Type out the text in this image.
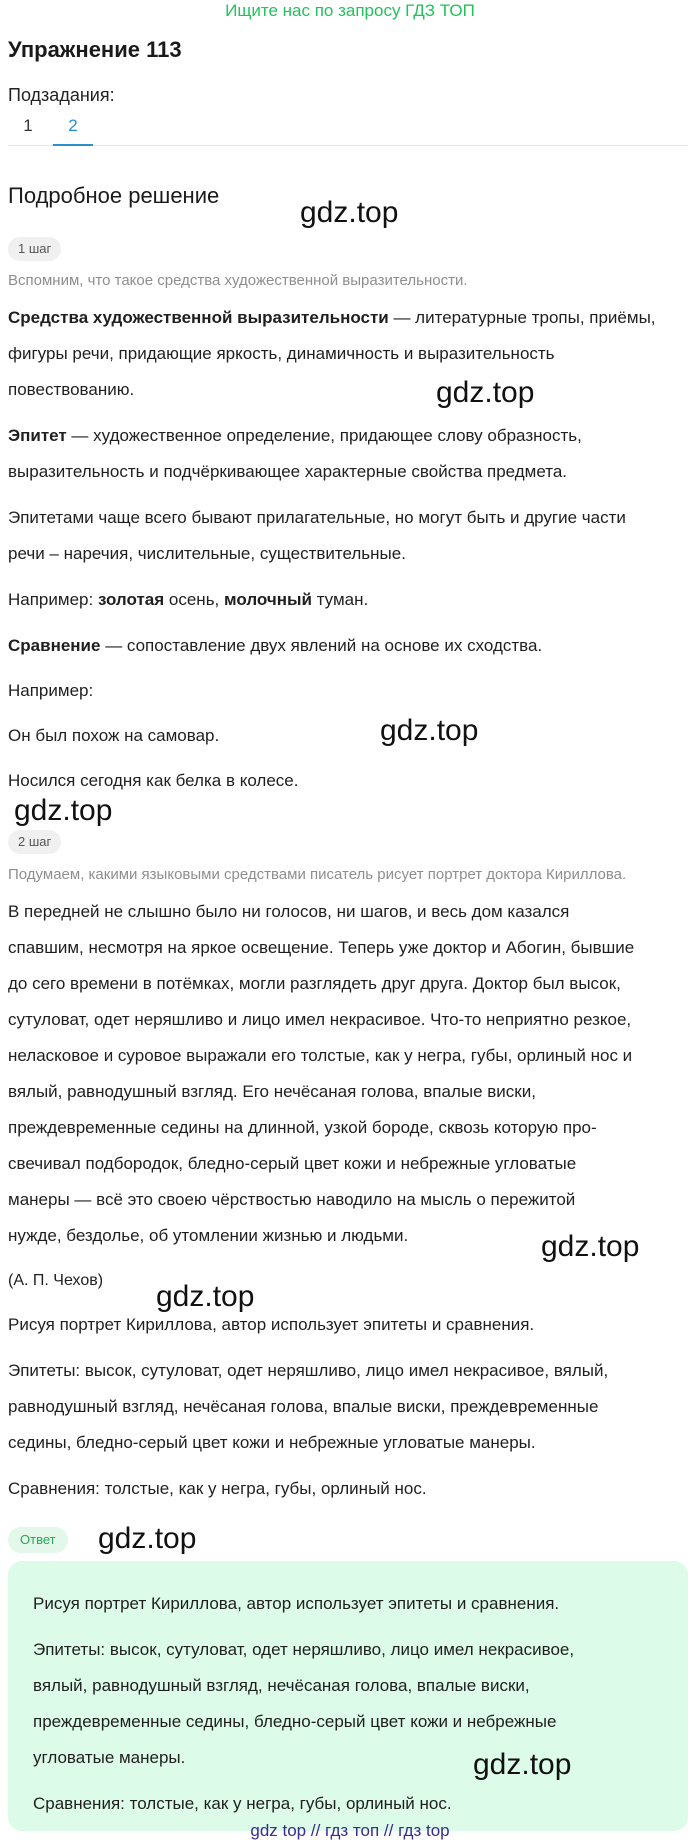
Ищите нас по запросу ГДЗ ТОП
Упражнение 113
Подзадания:
1	2
Подробное решение
1 шаг
Вспомним, что такое средства художественной выразительности.
Средства художественной выразительности — литературные тропы, приёмы,
фигуры речи, придающие яркость, динамичность и выразительность
повествованию.
Эпитет — художественное определение, придающее слову образность,
выразительность и подчёркивающее характерные свойства предмета.
Эпитетами чаще всего бывают прилагательные, но могут быть и другие части
речи – наречия, числительные, существительные.
Например: золотая осень, молочный туман.
Сравнение — сопоставление двух явлений на основе их сходства.
Например:
Он был похож на самовар.
Носился сегодня как белка в колесе.
2 шаг
Подумаем, какими языковыми средствами писатель рисует портрет доктора Кириллова.
В передней не слышно было ни голосов, ни шагов, и весь дом казался
спавшим, несмотря на яркое освещение. Теперь уже доктор и Абогин, бывшие
до сего времени в потёмках, могли разглядеть друг друга. Доктор был высок,
сутуловат, одет неряшливо и лицо имел некрасивое. Что-то неприятно резкое,
неласковое и суровое выражали его толстые, как у негра, губы, орлиный нос и
вялый, равнодушный взгляд. Его нечёсаная голова, впалые виски,
преждевременные седины на длинной, узкой бороде, сквозь которую про-
свечивал подбородок, бледно-серый цвет кожи и небрежные угловатые
манеры — всё это своею чёрствостью наводило на мысль о пережитой
нужде, бездолье, об утомлении жизнью и людьми.
(А. П. Чехов)
Рисуя портрет Кириллова, автор использует эпитеты и сравнения.
Эпитеты: высок, сутуловат, одет неряшливо, лицо имел некрасивое, вялый,
равнодушный взгляд, нечёсаная голова, впалые виски, преждевременные
седины, бледно-серый цвет кожи и небрежные угловатые манеры.
Сравнения: толстые, как у негра, губы, орлиный нос.
Ответ
Рисуя портрет Кириллова, автор использует эпитеты и сравнения.
Эпитеты: высок, сутуловат, одет неряшливо, лицо имел некрасивое,
вялый, равнодушный взгляд, нечёсаная голова, впалые виски,
преждевременные седины, бледно-серый цвет кожи и небрежные
угловатые манеры.
Сравнения: толстые, как у негра, губы, орлиный нос.
gdz.top
gdz.top
gdz.top
gdz.top
gdz.top
gdz.top
gdz.top
gdz.top
gdz top // гдз топ // гдз top
